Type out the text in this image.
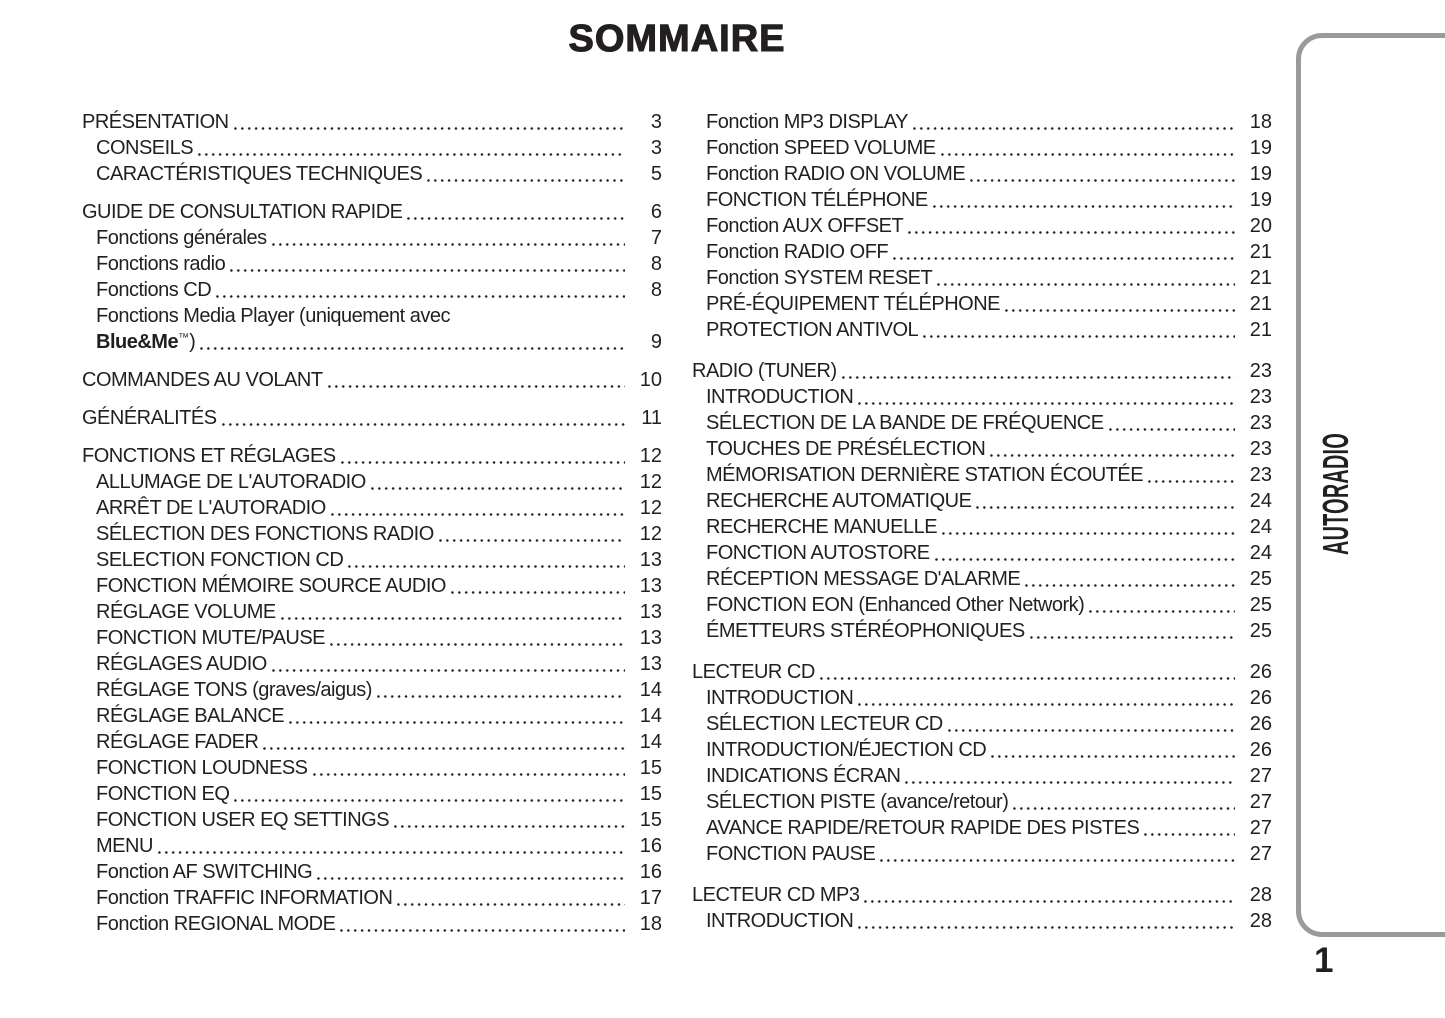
SOMMAIRE
PRÉSENTATION	3
CONSEILS	3
CARACTÉRISTIQUES TECHNIQUES	5
GUIDE DE CONSULTATION RAPIDE	6
Fonctions générales	7
Fonctions radio	8
Fonctions CD	8
Fonctions Media Player (uniquement avec
Blue&Me™)	9
COMMANDES AU VOLANT	10
GÉNÉRALITÉS	11
FONCTIONS ET RÉGLAGES	12
ALLUMAGE DE L'AUTORADIO	12
ARRÊT DE L'AUTORADIO	12
SÉLECTION DES FONCTIONS RADIO	12
SELECTION FONCTION CD	13
FONCTION MÉMOIRE SOURCE AUDIO	13
RÉGLAGE VOLUME	13
FONCTION MUTE/PAUSE	13
RÉGLAGES AUDIO	13
RÉGLAGE TONS (graves/aigus)	14
RÉGLAGE BALANCE	14
RÉGLAGE FADER	14
FONCTION LOUDNESS	15
FONCTION EQ	15
FONCTION USER EQ SETTINGS	15
MENU	16
Fonction AF SWITCHING	16
Fonction TRAFFIC INFORMATION	17
Fonction REGIONAL MODE	18
Fonction MP3 DISPLAY	18
Fonction SPEED VOLUME	19
Fonction RADIO ON VOLUME	19
FONCTION TÉLÉPHONE	19
Fonction AUX OFFSET	20
Fonction RADIO OFF	21
Fonction SYSTEM RESET	21
PRÉ-ÉQUIPEMENT TÉLÉPHONE	21
PROTECTION ANTIVOL	21
RADIO (TUNER)	23
INTRODUCTION	23
SÉLECTION DE LA BANDE DE FRÉQUENCE	23
TOUCHES DE PRÉSÉLECTION	23
MÉMORISATION DERNIÈRE STATION ÉCOUTÉE	23
RECHERCHE AUTOMATIQUE	24
RECHERCHE MANUELLE	24
FONCTION AUTOSTORE	24
RÉCEPTION MESSAGE D'ALARME	25
FONCTION EON (Enhanced Other Network)	25
ÉMETTEURS STÉRÉOPHONIQUES	25
LECTEUR CD	26
INTRODUCTION	26
SÉLECTION LECTEUR CD	26
INTRODUCTION/ÉJECTION CD	26
INDICATIONS ÉCRAN	27
SÉLECTION PISTE (avance/retour)	27
AVANCE RAPIDE/RETOUR RAPIDE DES PISTES	27
FONCTION PAUSE	27
LECTEUR CD MP3	28
INTRODUCTION	28
AUTORADIO
1
